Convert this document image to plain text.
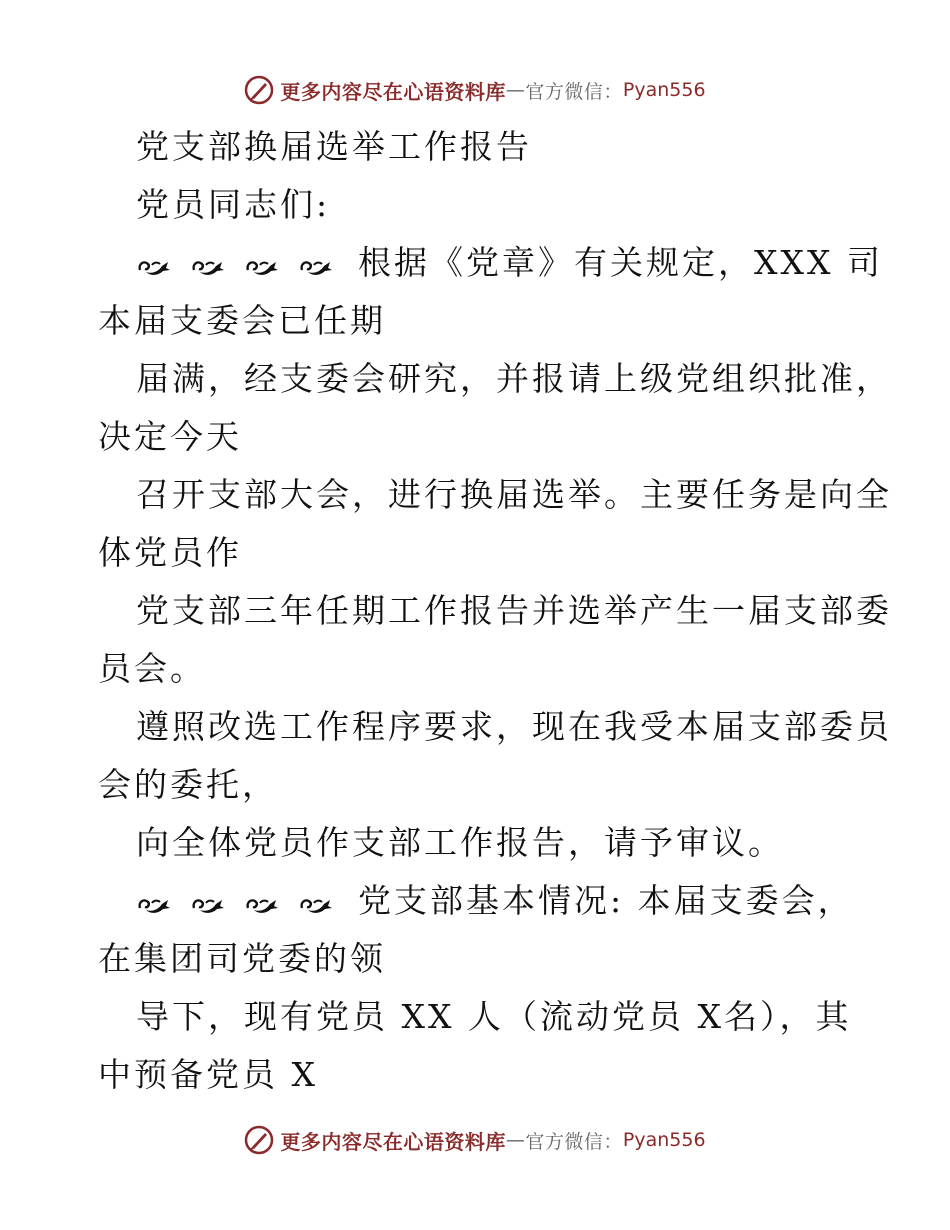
更多内容尽在心语资料库 — 官方微信： Pyan556
党支部换届选举工作报告
党员同志们:
根据《党章》有关规定，XXX 司
本届支委会已任期
届满，经支委会研究，并报请上级党组织批准，
决定今天
召开支部大会，进行换届选举。主要任务是向全
体党员作
党支部三年任期工作报告并选举产生一届支部委
员会。
遵照改选工作程序要求，现在我受本届支部委员
会的委托，
向全体党员作支部工作报告，请予审议。
党支部基本情况: 本届支委会，
在集团司党委的领
导下，现有党员 XX 人（流动党员 X名），其
中预备党员 X
更多内容尽在心语资料库 — 官方微信： Pyan556
